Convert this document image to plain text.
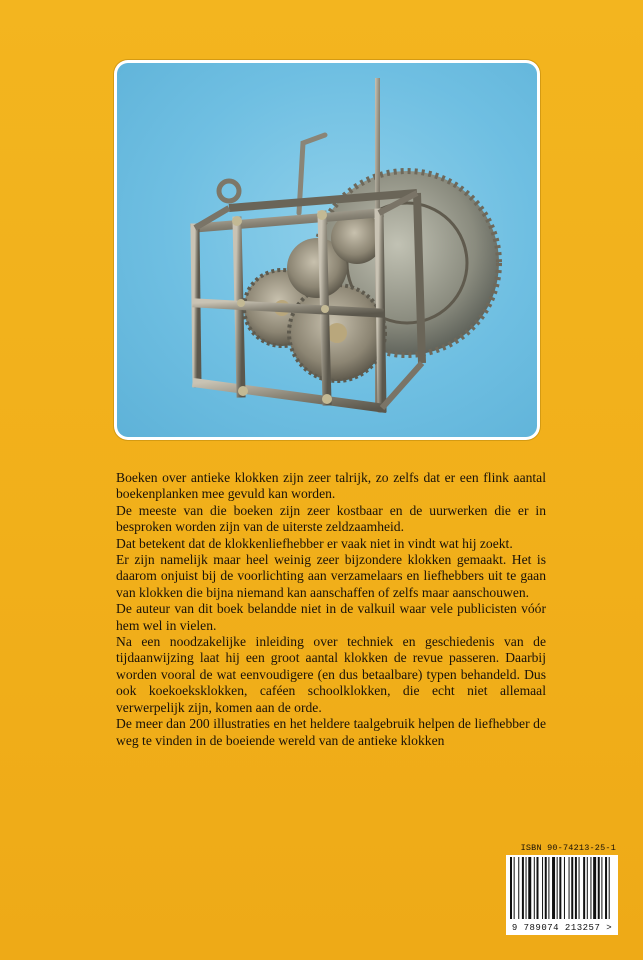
Boeken over antieke klokken zijn zeer talrijk, zo zelfs dat er een flink aantal boekenplanken mee gevuld kan worden.

De meeste van die boeken zijn zeer kostbaar en de uurwerken die er in besproken worden zijn van de uiterste zeldzaamheid.

Dat betekent dat de klokkenliefhebber er vaak niet in vindt wat hij zoekt.

Er zijn namelijk maar heel weinig zeer bijzondere klokken gemaakt. Het is daarom onjuist bij de voorlichting aan verzamelaars en liefhebbers uit te gaan van klokken die bijna niemand kan aanschaffen of zelfs maar aanschouwen.

De auteur van dit boek belandde niet in de valkuil waar vele publicisten vóór hem wel in vielen.

Na een noodzakelijke inleiding over techniek en geschiedenis van de tijdaanwijzing laat hij een groot aantal klokken de revue passeren. Daarbij worden vooral de wat eenvoudigere (en dus betaalbare) typen behandeld. Dus ook koekoeksklokken, caféen schoolklokken, die echt niet allemaal verwerpelijk zijn, komen aan de orde.

De meer dan 200 illustraties en het heldere taalgebruik helpen de liefhebber de weg te vinden in de boeiende wereld van de antieke klokken

ISBN 90-74213-25-1
9 789074 213257 >
